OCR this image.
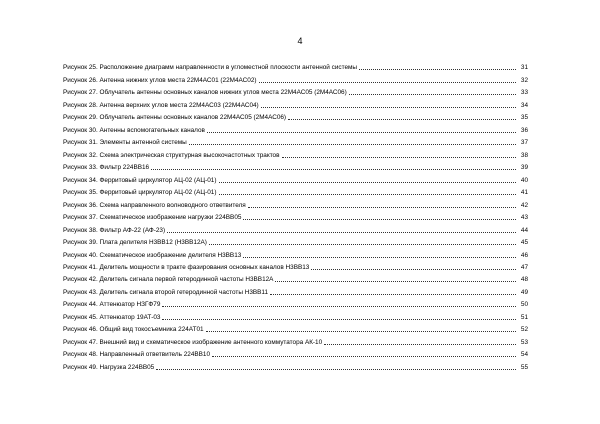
4
Рисунок 25. Расположение диаграмм направленности в угломестной плоскости антенной системы	31
Рисунок 26. Антенна нижних углов места 22М4АС01 (22М4АС02)	32
Рисунок 27. Облучатель антенны основных каналов нижних углов места 22М4АС05 (2М4АС06)	33
Рисунок 28. Антенна верхних углов места 22М4АС03 (22М4АС04)	34
Рисунок 29. Облучатель антенны основных каналов 22М4АС05 (2М4АС06)	35
Рисунок 30. Антенны вспомогательных каналов	36
Рисунок 31. Элементы антенной системы	37
Рисунок 32. Схема электрическая структурная высокочастотных трактов	38
Рисунок 33. Фильтр 224ВВ16	39
Рисунок 34. Ферритовый циркулятор АЦ-02 (АЦ-01)	40
Рисунок 35. Ферритовый циркулятор АЦ-02 (АЦ-01)	41
Рисунок 36. Схема направленного волноводного ответвителя	42
Рисунок 37. Схематическое изображение нагрузки 224ВВ05	43
Рисунок 38. Фильтр АФ-22 (АФ-23)	44
Рисунок 39. Плата делителя Н3ВВ12 (Н3ВВ12А)	45
Рисунок 40. Схематическое изображение делителя Н3ВВ13	46
Рисунок 41. Делитель мощности в тракте фазирования основных каналов Н3ВВ13	47
Рисунок 42. Делитель сигнала первой гетеродинной частоты Н3ВВ12А	48
Рисунок 43. Делитель сигнала второй гетеродинной частоты Н3ВВ11	49
Рисунок 44. Аттенюатор НЗГФ79	50
Рисунок 45. Аттенюатор 19АТ-03	51
Рисунок 46. Общий вид токосъемника 224АТ01	52
Рисунок 47. Внешний вид и схематическое изображение антенного коммутатора АК-10	53
Рисунок 48. Направленный ответвитель 224ВВ10	54
Рисунок 49. Нагрузка 224ВВ05	55
